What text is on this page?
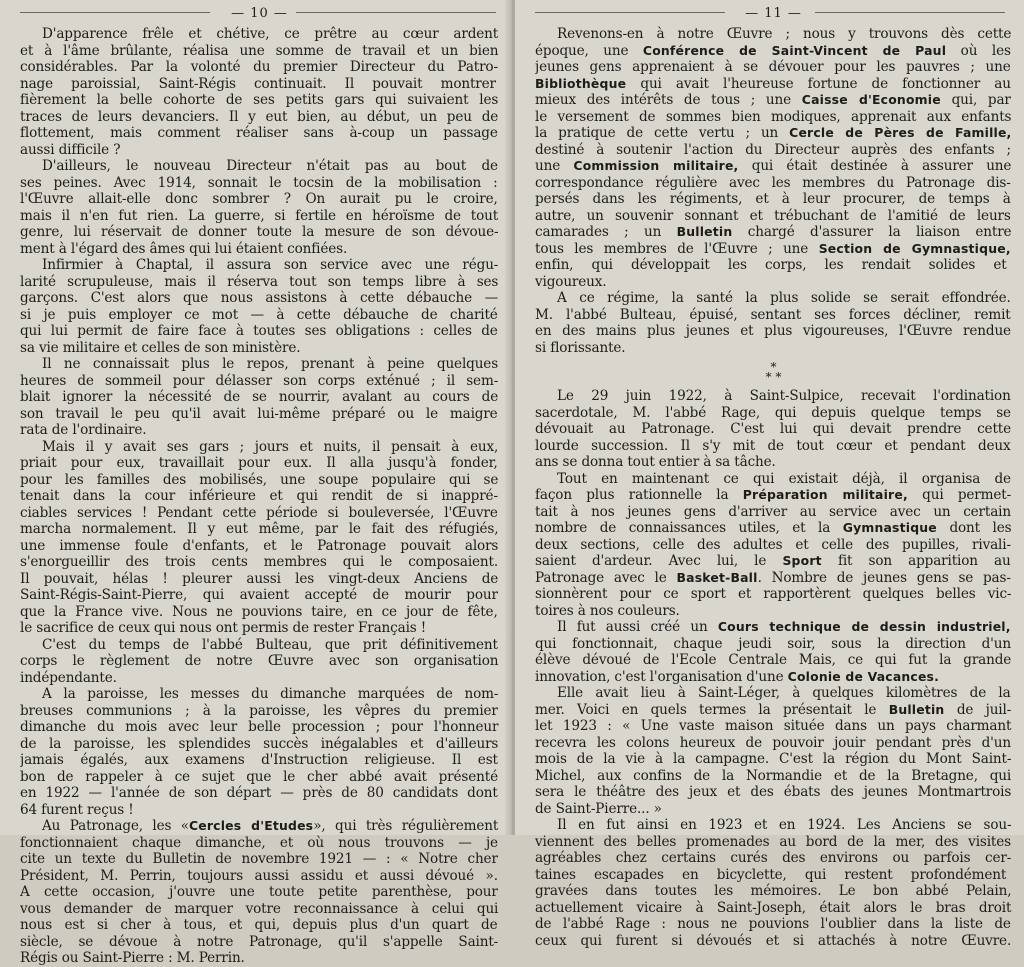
— 10 —
D'apparence frêle et chétive, ce prêtre au cœur ardent
et à l'âme brûlante, réalisa une somme de travail et un bien
considérables. Par la volonté du premier Directeur du Patro-
nage paroissial, Saint-Régis continuait. Il pouvait montrer
fièrement la belle cohorte de ses petits gars qui suivaient les
traces de leurs devanciers. Il y eut bien, au début, un peu de
flottement, mais comment réaliser sans à-coup un passage
aussi difficile ?
D'ailleurs, le nouveau Directeur n'était pas au bout de
ses peines. Avec 1914, sonnait le tocsin de la mobilisation :
l'Œuvre allait-elle donc sombrer ? On aurait pu le croire,
mais il n'en fut rien. La guerre, si fertile en héroïsme de tout
genre, lui réservait de donner toute la mesure de son dévoue-
ment à l'égard des âmes qui lui étaient confiées.
Infirmier à Chaptal, il assura son service avec une régu-
larité scrupuleuse, mais il réserva tout son temps libre à ses
garçons. C'est alors que nous assistons à cette débauche —
si je puis employer ce mot — à cette débauche de charité
qui lui permit de faire face à toutes ses obligations : celles de
sa vie militaire et celles de son ministère.
Il ne connaissait plus le repos, prenant à peine quelques
heures de sommeil pour délasser son corps exténué ; il sem-
blait ignorer la nécessité de se nourrir, avalant au cours de
son travail le peu qu'il avait lui-même préparé ou le maigre
rata de l'ordinaire.
Mais il y avait ses gars ; jours et nuits, il pensait à eux,
priait pour eux, travaillait pour eux. Il alla jusqu'à fonder,
pour les familles des mobilisés, une soupe populaire qui se
tenait dans la cour inférieure et qui rendit de si inappré-
ciables services ! Pendant cette période si bouleversée, l'Œuvre
marcha normalement. Il y eut même, par le fait des réfugiés,
une immense foule d'enfants, et le Patronage pouvait alors
s'enorgueillir des trois cents membres qui le composaient.
Il pouvait, hélas ! pleurer aussi les vingt-deux Anciens de
Saint-Régis-Saint-Pierre, qui avaient accepté de mourir pour
que la France vive. Nous ne pouvions taire, en ce jour de fête,
le sacrifice de ceux qui nous ont permis de rester Français !
C'est du temps de l'abbé Bulteau, que prit définitivement
corps le règlement de notre Œuvre avec son organisation
indépendante.
A la paroisse, les messes du dimanche marquées de nom-
breuses communions ; à la paroisse, les vêpres du premier
dimanche du mois avec leur belle procession ; pour l'honneur
de la paroisse, les splendides succès inégalables et d'ailleurs
jamais égalés, aux examens d'Instruction religieuse. Il est
bon de rappeler à ce sujet que le cher abbé avait présenté
en 1922 — l'année de son départ — près de 80 candidats dont
64 furent reçus !
Au Patronage, les «Cercles d'Etudes», qui très régulièrement
fonctionnaient chaque dimanche, et où nous trouvons — je
cite un texte du Bulletin de novembre 1921 — : « Notre cher
Président, M. Perrin, toujours aussi assidu et aussi dévoué ».
A cette occasion, j'ouvre une toute petite parenthèse, pour
vous demander de marquer votre reconnaissance à celui qui
nous est si cher à tous, et qui, depuis plus d'un quart de
siècle, se dévoue à notre Patronage, qu'il s'appelle Saint-
Régis ou Saint-Pierre : M. Perrin.
— 11 —
Revenons-en à notre Œuvre ; nous y trouvons dès cette
époque, une Conférence de Saint-Vincent de Paul où les
jeunes gens apprenaient à se dévouer pour les pauvres ; une
Bibliothèque qui avait l'heureuse fortune de fonctionner au
mieux des intérêts de tous ; une Caisse d'Economie qui, par
le versement de sommes bien modiques, apprenait aux enfants
la pratique de cette vertu ; un Cercle de Pères de Famille,
destiné à soutenir l'action du Directeur auprès des enfants ;
une Commission militaire, qui était destinée à assurer une
correspondance régulière avec les membres du Patronage dis-
persés dans les régiments, et à leur procurer, de temps à
autre, un souvenir sonnant et trébuchant de l'amitié de leurs
camarades ; un Bulletin chargé d'assurer la liaison entre
tous les membres de l'Œuvre ; une Section de Gymnastique,
enfin, qui développait les corps, les rendait solides et
vigoureux.
A ce régime, la santé la plus solide se serait effondrée.
M. l'abbé Bulteau, épuisé, sentant ses forces décliner, remit
en des mains plus jeunes et plus vigoureuses, l'Œuvre rendue
si florissante.
*
* *
Le 29 juin 1922, à Saint-Sulpice, recevait l'ordination
sacerdotale, M. l'abbé Rage, qui depuis quelque temps se
dévouait au Patronage. C'est lui qui devait prendre cette
lourde succession. Il s'y mit de tout cœur et pendant deux
ans se donna tout entier à sa tâche.
Tout en maintenant ce qui existait déjà, il organisa de
façon plus rationnelle la Préparation militaire, qui permet-
tait à nos jeunes gens d'arriver au service avec un certain
nombre de connaissances utiles, et la Gymnastique dont les
deux sections, celle des adultes et celle des pupilles, rivali-
saient d'ardeur. Avec lui, le Sport fit son apparition au
Patronage avec le Basket-Ball. Nombre de jeunes gens se pas-
sionnèrent pour ce sport et rapportèrent quelques belles vic-
toires à nos couleurs.
Il fut aussi créé un Cours technique de dessin industriel,
qui fonctionnait, chaque jeudi soir, sous la direction d'un
élève dévoué de l'Ecole Centrale Mais, ce qui fut la grande
innovation, c'est l'organisation d'une Colonie de Vacances.
Elle avait lieu à Saint-Léger, à quelques kilomètres de la
mer. Voici en quels termes la présentait le Bulletin de juil-
let 1923 : « Une vaste maison située dans un pays charmant
recevra les colons heureux de pouvoir jouir pendant près d'un
mois de la vie à la campagne. C'est la région du Mont Saint-
Michel, aux confins de la Normandie et de la Bretagne, qui
sera le théâtre des jeux et des ébats des jeunes Montmartrois
de Saint-Pierre... »
Il en fut ainsi en 1923 et en 1924. Les Anciens se sou-
viennent des belles promenades au bord de la mer, des visites
agréables chez certains curés des environs ou parfois cer-
taines escapades en bicyclette, qui restent profondément
gravées dans toutes les mémoires. Le bon abbé Pelain,
actuellement vicaire à Saint-Joseph, était alors le bras droit
de l'abbé Rage : nous ne pouvions l'oublier dans la liste de
ceux qui furent si dévoués et si attachés à notre Œuvre.
